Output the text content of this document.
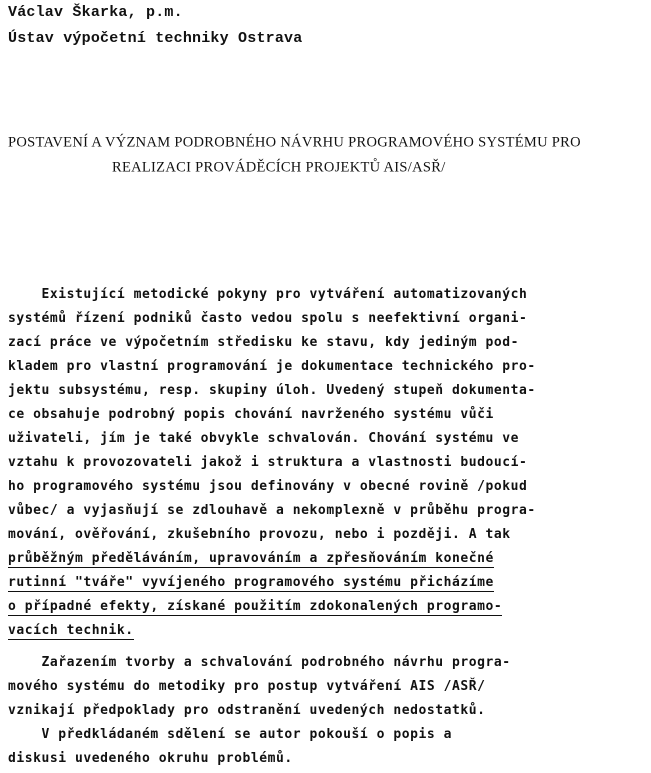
Václav Škarka, p.m.
Ústav výpočetní techniky Ostrava
POSTAVENÍ A VÝZNAM PODROBNÉHO NÁVRHU PROGRAMOVÉHO SYSTÉMU PRO
REALIZACI PROVÁDĚCÍCH PROJEKTŮ AIS/ASŘ/
Existující metodické pokyny pro vytváření automatizovaných
systémů řízení podniků často vedou spolu s neefektivní organi-
zací práce ve výpočetním středisku ke stavu, kdy jediným pod-
kladem pro vlastní programování je dokumentace technického pro-
jektu subsystému, resp. skupiny úloh. Uvedený stupeň dokumenta-
ce obsahuje podrobný popis chování navrženého systému vůči
uživateli, jím je také obvykle schvalován. Chování systému ve
vztahu k provozovateli jakož i struktura a vlastnosti budoucí-
ho programového systému jsou definovány v obecné rovině /pokud
vůbec/ a vyjasňují se zdlouhavě a nekomplexně v průběhu progra-
mování, ověřování, zkušebního provozu, nebo i později. A tak
průběžným předěláváním, upravováním a zpřesňováním konečné
rutinní "tváře" vyvíjeného programového systému přicházíme
o případné efekty, získané použitím zdokonalených programo-
vacích technik.
Zařazením tvorby a schvalování podrobného návrhu progra-
mového systému do metodiky pro postup vytváření AIS /ASŘ/
vznikají předpoklady pro odstranění uvedených nedostatků.
V předkládaném sdělení se autor pokouší o popis a
diskusi uvedeného okruhu problémů.
